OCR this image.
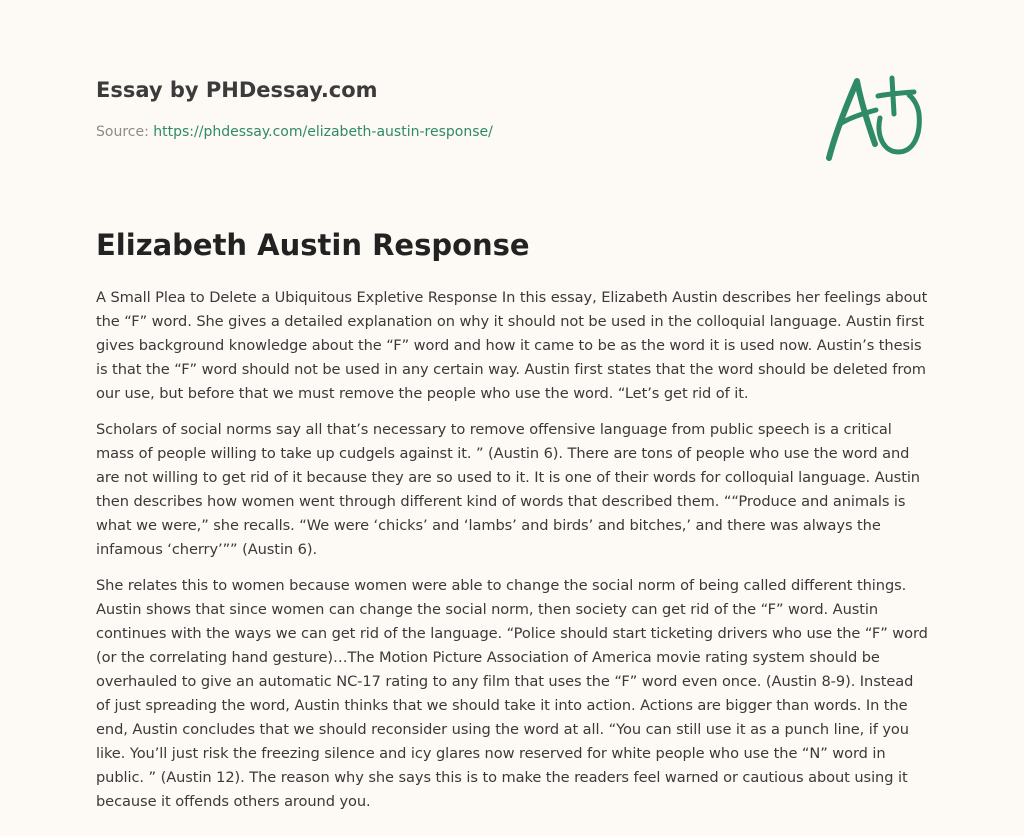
Essay by PHDessay.com
Source: https://phdessay.com/elizabeth-austin-response/
Elizabeth Austin Response

A Small Plea to Delete a Ubiquitous Expletive Response In this essay, Elizabeth Austin describes her feelings about the “F” word. She gives a detailed explanation on why it should not be used in the colloquial language. Austin first gives background knowledge about the “F” word and how it came to be as the word it is used now. Austin’s thesis is that the “F” word should not be used in any certain way. Austin first states that the word should be deleted from our use, but before that we must remove the people who use the word. “Let’s get rid of it.

Scholars of social norms say all that’s necessary to remove offensive language from public speech is a critical mass of people willing to take up cudgels against it. ” (Austin 6). There are tons of people who use the word and are not willing to get rid of it because they are so used to it. It is one of their words for colloquial language. Austin then describes how women went through different kind of words that described them. ““Produce and animals is what we were,” she recalls. “We were ‘chicks’ and ‘lambs’ and birds’ and bitches,’ and there was always the infamous ‘cherry’”” (Austin 6).

She relates this to women because women were able to change the social norm of being called different things. Austin shows that since women can change the social norm, then society can get rid of the “F” word. Austin continues with the ways we can get rid of the language. “Police should start ticketing drivers who use the “F” word (or the correlating hand gesture)…The Motion Picture Association of America movie rating system should be overhauled to give an automatic NC-17 rating to any film that uses the “F” word even once. (Austin 8-9). Instead of just spreading the word, Austin thinks that we should take it into action. Actions are bigger than words. In the end, Austin concludes that we should reconsider using the word at all. “You can still use it as a punch line, if you like. You’ll just risk the freezing silence and icy glares now reserved for white people who use the “N” word in public. ” (Austin 12). The reason why she says this is to make the readers feel warned or cautious about using it because it offends others around you.
